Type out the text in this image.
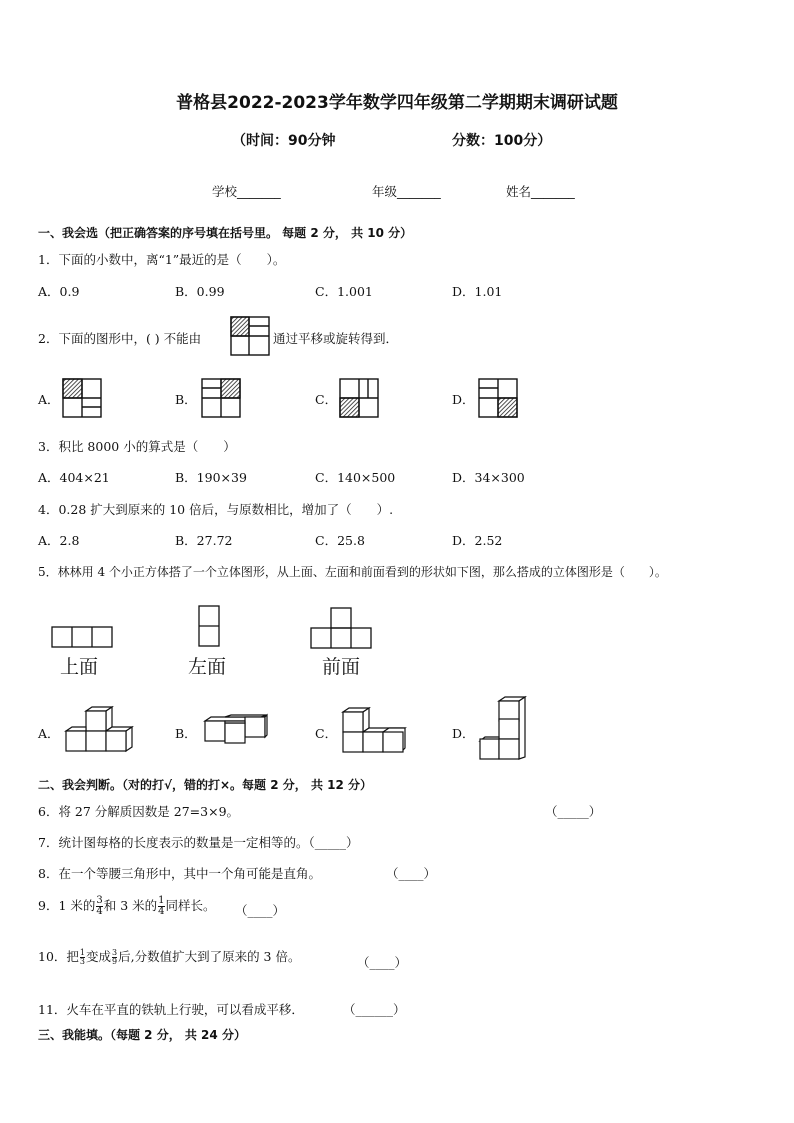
普格县2022-2023学年数学四年级第二学期期末调研试题
（时间：90分钟	分数：100分）
学校_______	年级_______	姓名_______
一、我会选（把正确答案的序号填在括号里。 每题 2 分， 共 10 分）
1．下面的小数中，离“1”最近的是（　　）。
A．0.9	B．0.99	C．1.001	D．1.01
2．下面的图形中，( ) 不能由	通过平移或旋转得到．
A．	B．	C．	D．
3．积比 8000 小的算式是（　　）
A．404×21	B．190×39	C．140×500	D．34×300
4．0.28 扩大到原来的 10 倍后，与原数相比，增加了（　　）.
A．2.8	B．27.72	C．25.8	D．2.52
5．林林用 4 个小正方体搭了一个立体图形，从上面、左面和前面看到的形状如下图，那么搭成的立体图形是（　　）。
上面	左面	前面
A．	B．	C．	D．
二、我会判断。（对的打√，错的打×。每题 2 分， 共 12 分）
6．将 27 分解质因数是 27=3×9。	（_____）
7．统计图每格的长度表示的数量是一定相等的。（_____）
8．在一个等腰三角形中，其中一个角可能是直角。	（____）
9．1 米的 $\frac{3}{4}$ 和 3 米的 $\frac{1}{4}$ 同样长。 （____）
10．把 $\frac{1}{3}$ 变成 $\frac{3}{9}$ 后,分数值扩大到了原来的 3 倍。	（____）
11．火车在平直的铁轨上行驶，可以看成平移．	（______）
三、我能填。（每题 2 分， 共 24 分）
